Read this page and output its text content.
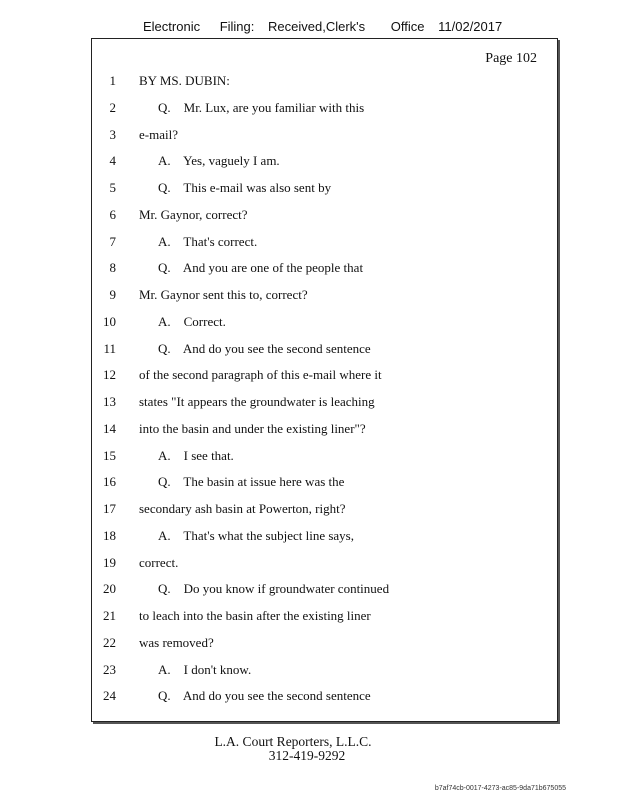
Electronic Filing: Received,Clerk's Office 11/02/2017
Page 102
1 BY MS. DUBIN:
2	Q.    Mr. Lux, are you familiar with this
3 e-mail?
4	A.    Yes, vaguely I am.
5	Q.    This e-mail was also sent by
6 Mr. Gaynor, correct?
7	A.    That's correct.
8	Q.    And you are one of the people that
9 Mr. Gaynor sent this to, correct?
10	A.    Correct.
11	Q.    And do you see the second sentence
12 of the second paragraph of this e-mail where it
13 states "It appears the groundwater is leaching
14 into the basin and under the existing liner"?
15	A.    I see that.
16	Q.    The basin at issue here was the
17 secondary ash basin at Powerton, right?
18	A.    That's what the subject line says,
19 correct.
20	Q.    Do you know if groundwater continued
21 to leach into the basin after the existing liner
22 was removed?
23	A.    I don't know.
24	Q.    And do you see the second sentence
L.A. Court Reporters, L.L.C.
312-419-9292
b7af74cb-0017-4273-ac85-9da71b675055
